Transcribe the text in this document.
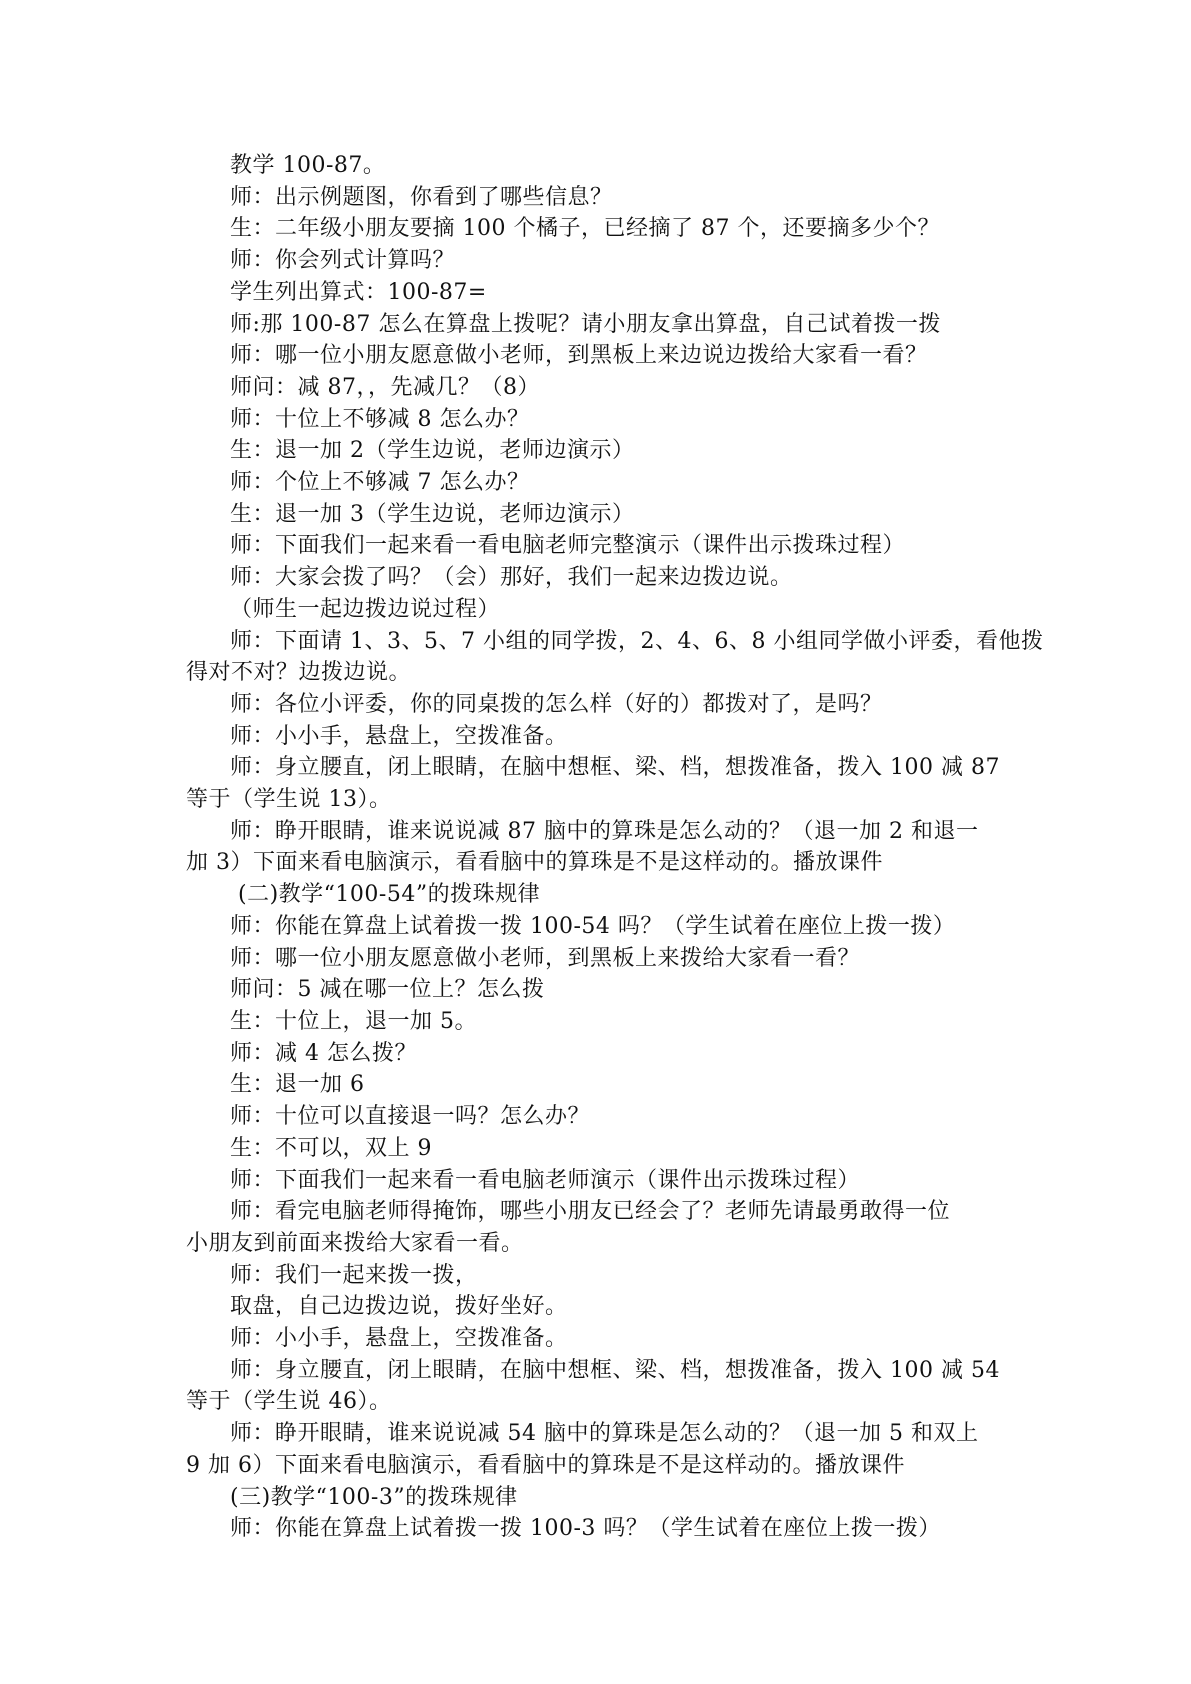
教学 100-87。

师：出示例题图，你看到了哪些信息？

生：二年级小朋友要摘 100 个橘子，已经摘了 87 个，还要摘多少个？

师：你会列式计算吗？

学生列出算式：100-87=

师:那 100-87 怎么在算盘上拨呢？请小朋友拿出算盘，自己试着拨一拨

师：哪一位小朋友愿意做小老师，到黑板上来边说边拨给大家看一看？

师问：减 87，，先减几？（8）

师：十位上不够减 8 怎么办？

生：退一加 2（学生边说，老师边演示）

师：个位上不够减 7 怎么办？

生：退一加 3（学生边说，老师边演示）

师：下面我们一起来看一看电脑老师完整演示（课件出示拨珠过程）

师：大家会拨了吗？（会）那好，我们一起来边拨边说。

（师生一起边拨边说过程）

师：下面请 1、3、5、7 小组的同学拨，2、4、6、8 小组同学做小评委，看他拨

得对不对？边拨边说。

师：各位小评委，你的同桌拨的怎么样（好的）都拨对了，是吗？

师：小小手，悬盘上，空拨准备。

师：身立腰直，闭上眼睛，在脑中想框、梁、档，想拨准备，拨入 100 减 87

等于（学生说 13）。

师：睁开眼睛，谁来说说减 87 脑中的算珠是怎么动的？（退一加 2 和退一

加 3）下面来看电脑演示，看看脑中的算珠是不是这样动的。播放课件

(二)教学“100-54”的拨珠规律

师：你能在算盘上试着拨一拨 100-54 吗？（学生试着在座位上拨一拨）

师：哪一位小朋友愿意做小老师，到黑板上来拨给大家看一看？

师问：5 减在哪一位上？怎么拨

生：十位上，退一加 5。

师：减 4 怎么拨？

生：退一加 6

师：十位可以直接退一吗？怎么办？

生：不可以，双上 9

师：下面我们一起来看一看电脑老师演示（课件出示拨珠过程）

师：看完电脑老师得掩饰，哪些小朋友已经会了？老师先请最勇敢得一位

小朋友到前面来拨给大家看一看。

师：我们一起来拨一拨，

取盘，自己边拨边说，拨好坐好。

师：小小手，悬盘上，空拨准备。

师：身立腰直，闭上眼睛，在脑中想框、梁、档，想拨准备，拨入 100 减 54

等于（学生说 46）。

师：睁开眼睛，谁来说说减 54 脑中的算珠是怎么动的？（退一加 5 和双上

9 加 6）下面来看电脑演示，看看脑中的算珠是不是这样动的。播放课件

(三)教学“100-3”的拨珠规律

师：你能在算盘上试着拨一拨 100-3 吗？（学生试着在座位上拨一拨）
